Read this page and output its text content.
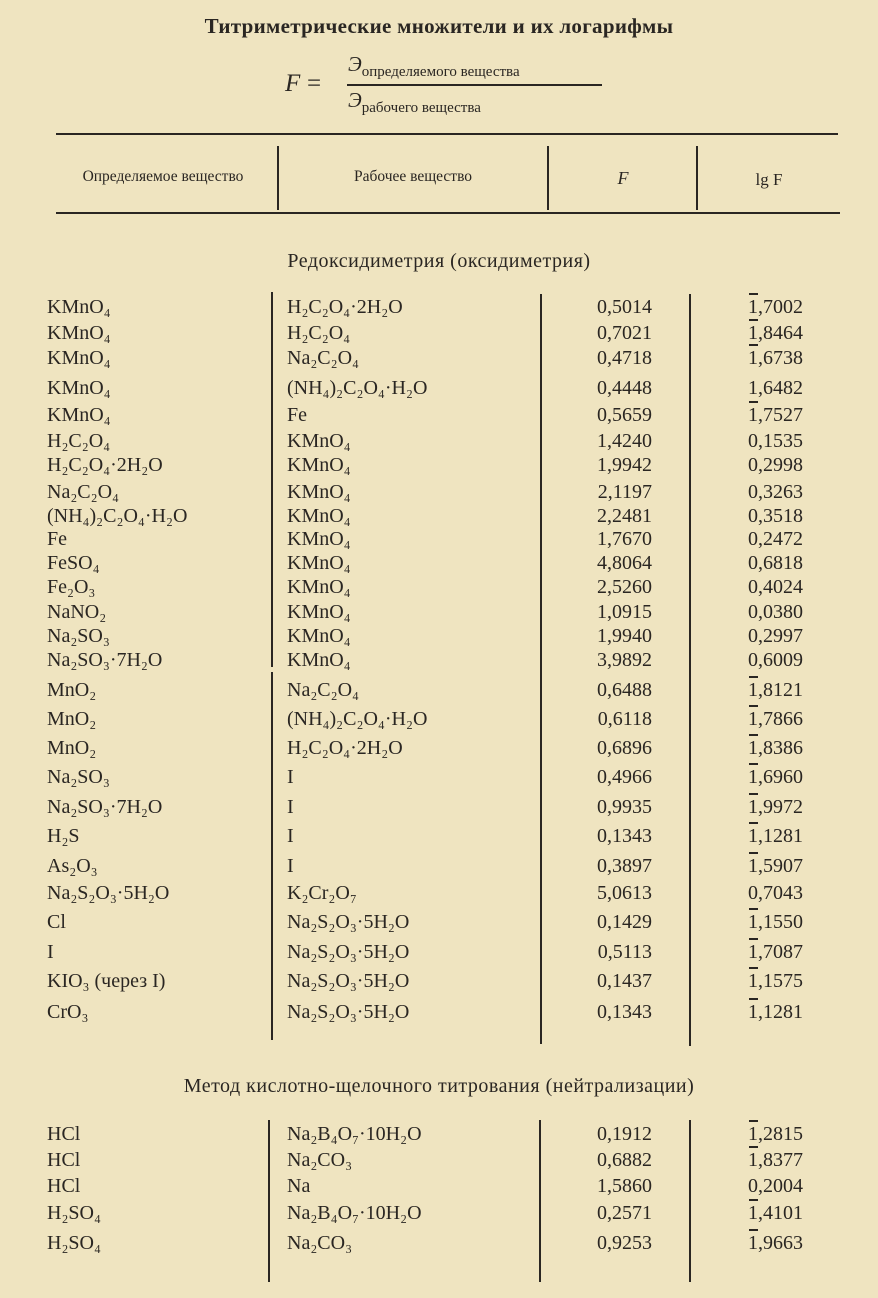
Титриметрические множители и их логарифмы
F =
$Э_{определяемого вещества}$
$Э_{рабочего вещества}$
Определяемое вещество	Рабочее вещество	F	lg F
Редоксидиметрия (оксидиметрия)
Метод кислотно-щелочного титрования (нейтрализации)
KMnO₄	H₂C₂O₄·2H₂O	0,5014	1,7002
KMnO₄	H₂C₂O₄	0,7021	1,8464
KMnO₄	Na₂C₂O₄	0,4718	1,6738
KMnO₄	(NH₄)₂C₂O₄·H₂O	0,4448	1,6482
KMnO₄	Fe	0,5659	1,7527
H₂C₂O₄	KMnO₄	1,4240	0,1535
H₂C₂O₄·2H₂O	KMnO₄	1,9942	0,2998
Na₂C₂O₄	KMnO₄	2,1197	0,3263
(NH₄)₂C₂O₄·H₂O	KMnO₄	2,2481	0,3518
Fe	KMnO₄	1,7670	0,2472
FeSO₄	KMnO₄	4,8064	0,6818
Fe₂O₃	KMnO₄	2,5260	0,4024
NaNO₂	KMnO₄	1,0915	0,0380
Na₂SO₃	KMnO₄	1,9940	0,2997
Na₂SO₃·7H₂O	KMnO₄	3,9892	0,6009
MnO₂	Na₂C₂O₄	0,6488	1,8121
MnO₂	(NH₄)₂C₂O₄·H₂O	0,6118	1,7866
MnO₂	H₂C₂O₄·2H₂O	0,6896	1,8386
Na₂SO₃	I	0,4966	1,6960
Na₂SO₃·7H₂O	I	0,9935	1,9972
H₂S	I	0,1343	1,1281
As₂O₃	I	0,3897	1,5907
Na₂S₂O₃·5H₂O	K₂Cr₂O₇	5,0613	0,7043
Cl	Na₂S₂O₃·5H₂O	0,1429	1,1550
I	Na₂S₂O₃·5H₂O	0,5113	1,7087
KIO₃ (через I)	Na₂S₂O₃·5H₂O	0,1437	1,1575
CrO₃	Na₂S₂O₃·5H₂O	0,1343	1,1281
HCl	Na₂B₄O₇·10H₂O	0,1912	1,2815
HCl	Na₂CO₃	0,6882	1,8377
HCl	Na	1,5860	0,2004
H₂SO₄	Na₂B₄O₇·10H₂O	0,2571	1,4101
H₂SO₄	Na₂CO₃	0,9253	1,9663
